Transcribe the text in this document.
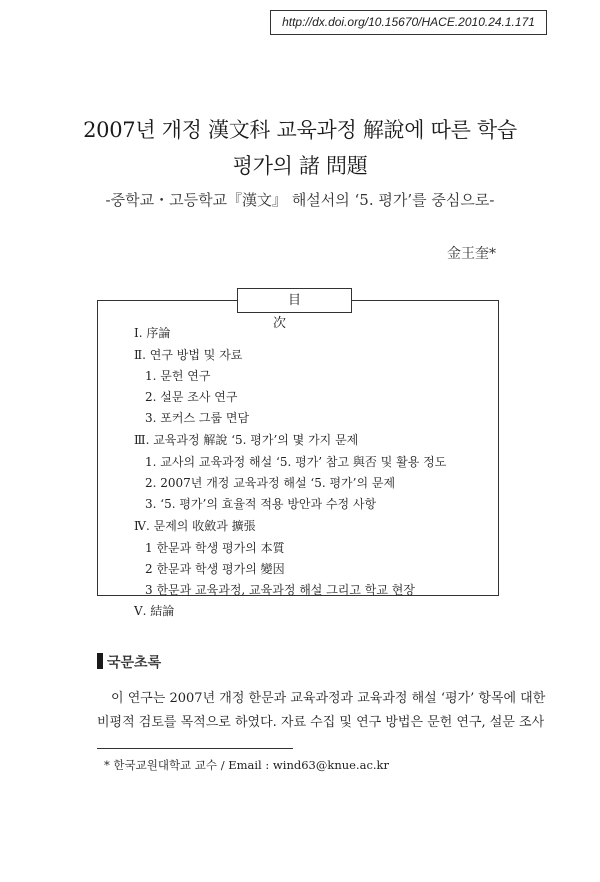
http://dx.doi.org/10.15670/HACE.2010.24.1.171
2007년 개정 漢文科 교육과정 解說에 따른 학습
평가의 諸 問題
-중학교・고등학교『漢文』 해설서의 ‘5. 평가’를 중심으로-
金王奎*
目 次
Ⅰ. 序論
Ⅱ. 연구 방법 및 자료
1. 문헌 연구
2. 설문 조사 연구
3. 포커스 그룹 면담
Ⅲ. 교육과정 解說 ‘5. 평가’의 몇 가지 문제
1. 교사의 교육과정 해설 ‘5. 평가’ 참고 與否 및 활용 정도
2. 2007년 개정 교육과정 해설 ‘5. 평가’의 문제
3. ‘5. 평가’의 효율적 적용 방안과 수정 사항
Ⅳ. 문제의 收斂과 擴張
1 한문과 학생 평가의 本質
2 한문과 학생 평가의 變因
3 한문과 교육과정, 교육과정 해설 그리고 학교 현장
Ⅴ. 結論
국문초록
이 연구는 2007년 개정 한문과 교육과정과 교육과정 해설 ‘평가’ 항목에 대한
비평적 검토를 목적으로 하였다. 자료 수집 및 연구 방법은 문헌 연구, 설문 조사
* 한국교원대학교 교수 / Email : wind63@knue.ac.kr
